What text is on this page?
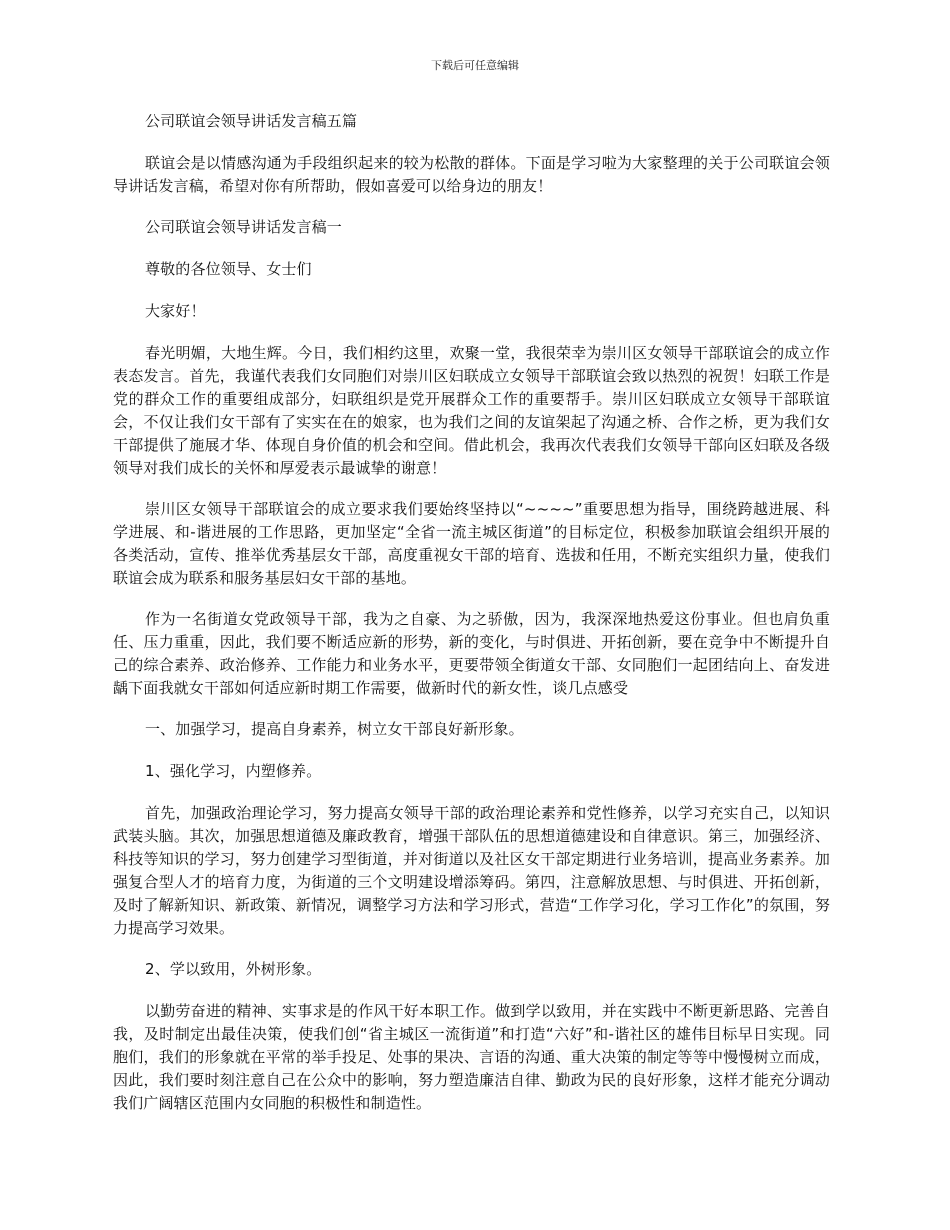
下载后可任意编辑

公司联谊会领导讲话发言稿五篇

联谊会是以情感沟通为手段组织起来的较为松散的群体。下面是学习啦为大家整理的关于公司联谊会领导讲话发言稿，希望对你有所帮助，假如喜爱可以给身边的朋友！

公司联谊会领导讲话发言稿一

尊敬的各位领导、女士们

大家好！

春光明媚，大地生辉。今日，我们相约这里，欢聚一堂，我很荣幸为崇川区女领导干部联谊会的成立作表态发言。首先，我谨代表我们女同胞们对崇川区妇联成立女领导干部联谊会致以热烈的祝贺！妇联工作是党的群众工作的重要组成部分，妇联组织是党开展群众工作的重要帮手。崇川区妇联成立女领导干部联谊会，不仅让我们女干部有了实实在在的娘家，也为我们之间的友谊架起了沟通之桥、合作之桥，更为我们女干部提供了施展才华、体现自身价值的机会和空间。借此机会，我再次代表我们女领导干部向区妇联及各级领导对我们成长的关怀和厚爱表示最诚挚的谢意！

崇川区女领导干部联谊会的成立要求我们要始终坚持以“~~~~”重要思想为指导，围绕跨越进展、科学进展、和-谐进展的工作思路，更加坚定“全省一流主城区街道”的目标定位，积极参加联谊会组织开展的各类活动，宣传、推举优秀基层女干部，高度重视女干部的培育、选拔和任用，不断充实组织力量，使我们联谊会成为联系和服务基层妇女干部的基地。

作为一名街道女党政领导干部，我为之自豪、为之骄傲，因为，我深深地热爱这份事业。但也肩负重任、压力重重，因此，我们要不断适应新的形势，新的变化，与时俱进、开拓创新，要在竞争中不断提升自己的综合素养、政治修养、工作能力和业务水平，更要带领全街道女干部、女同胞们一起团结向上、奋发进龋下面我就女干部如何适应新时期工作需要，做新时代的新女性，谈几点感受

一、加强学习，提高自身素养，树立女干部良好新形象。

1、强化学习，内塑修养。

首先，加强政治理论学习，努力提高女领导干部的政治理论素养和党性修养，以学习充实自己，以知识武装头脑。其次，加强思想道德及廉政教育，增强干部队伍的思想道德建设和自律意识。第三，加强经济、科技等知识的学习，努力创建学习型街道，并对街道以及社区女干部定期进行业务培训，提高业务素养。加强复合型人才的培育力度，为街道的三个文明建设增添筹码。第四，注意解放思想、与时俱进、开拓创新，及时了解新知识、新政策、新情况，调整学习方法和学习形式，营造“工作学习化，学习工作化”的氛围，努力提高学习效果。

2、学以致用，外树形象。

以勤劳奋进的精神、实事求是的作风干好本职工作。做到学以致用，并在实践中不断更新思路、完善自我，及时制定出最佳决策，使我们创“省主城区一流街道”和打造“六好”和-谐社区的雄伟目标早日实现。同胞们，我们的形象就在平常的举手投足、处事的果决、言语的沟通、重大决策的制定等等中慢慢树立而成，因此，我们要时刻注意自己在公众中的影响，努力塑造廉洁自律、勤政为民的良好形象，这样才能充分调动我们广阔辖区范围内女同胞的积极性和制造性。
